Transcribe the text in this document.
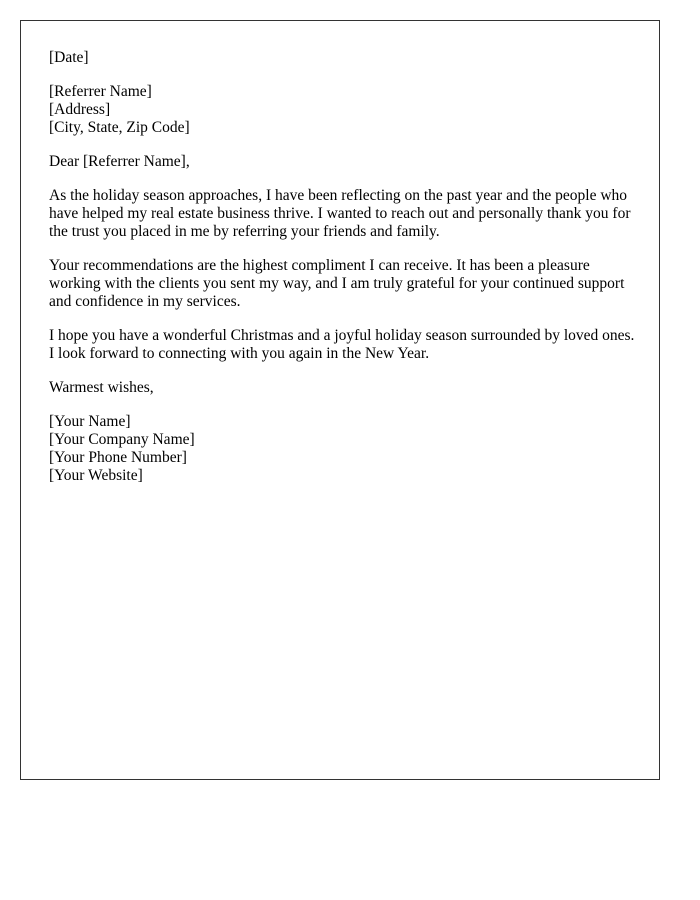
[Date]
[Referrer Name]
[Address]
[City, State, Zip Code]
Dear [Referrer Name],

As the holiday season approaches, I have been reflecting on the past year and the people who have helped my real estate business thrive. I wanted to reach out and personally thank you for the trust you placed in me by referring your friends and family.

Your recommendations are the highest compliment I can receive. It has been a pleasure working with the clients you sent my way, and I am truly grateful for your continued support and confidence in my services.

I hope you have a wonderful Christmas and a joyful holiday season surrounded by loved ones. I look forward to connecting with you again in the New Year.

Warmest wishes,
[Your Name]
[Your Company Name]
[Your Phone Number]
[Your Website]
